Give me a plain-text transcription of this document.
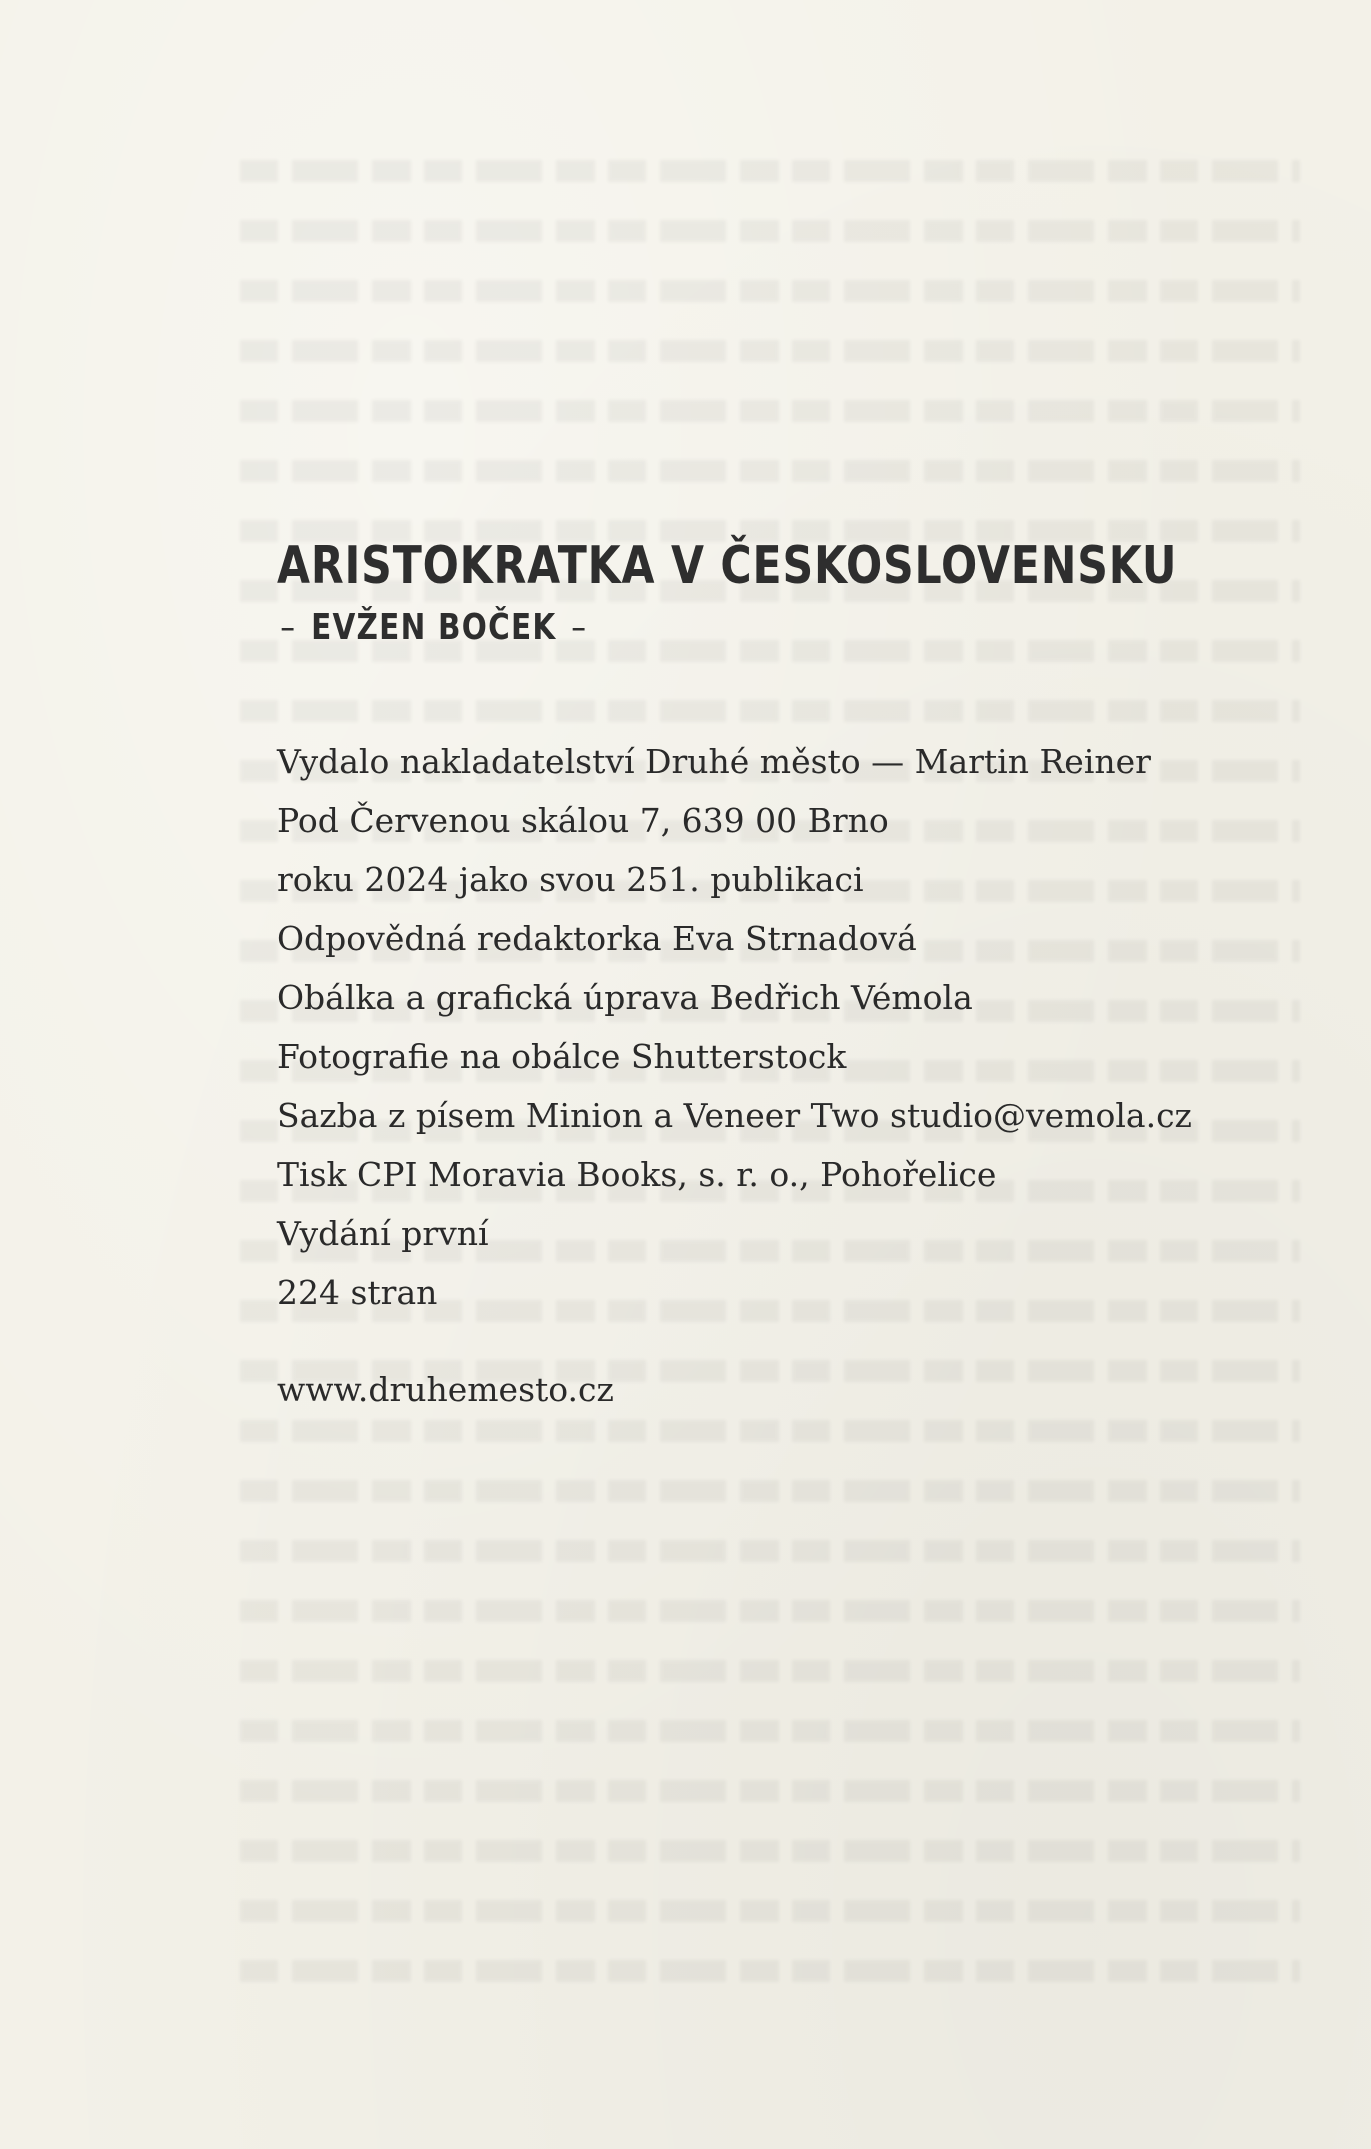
ARISTOKRATKA V ČESKOSLOVENSKU
– EVŽEN BOČEK –
Vydalo nakladatelství Druhé město — Martin Reiner
Pod Červenou skálou 7, 639 00 Brno
roku 2024 jako svou 251. publikaci
Odpovědná redaktorka Eva Strnadová
Obálka a grafická úprava Bedřich Vémola
Fotografie na obálce Shutterstock
Sazba z písem Minion a Veneer Two studio@vemola.cz
Tisk CPI Moravia Books, s. r. o., Pohořelice
Vydání první
224 stran
www.druhemesto.cz
